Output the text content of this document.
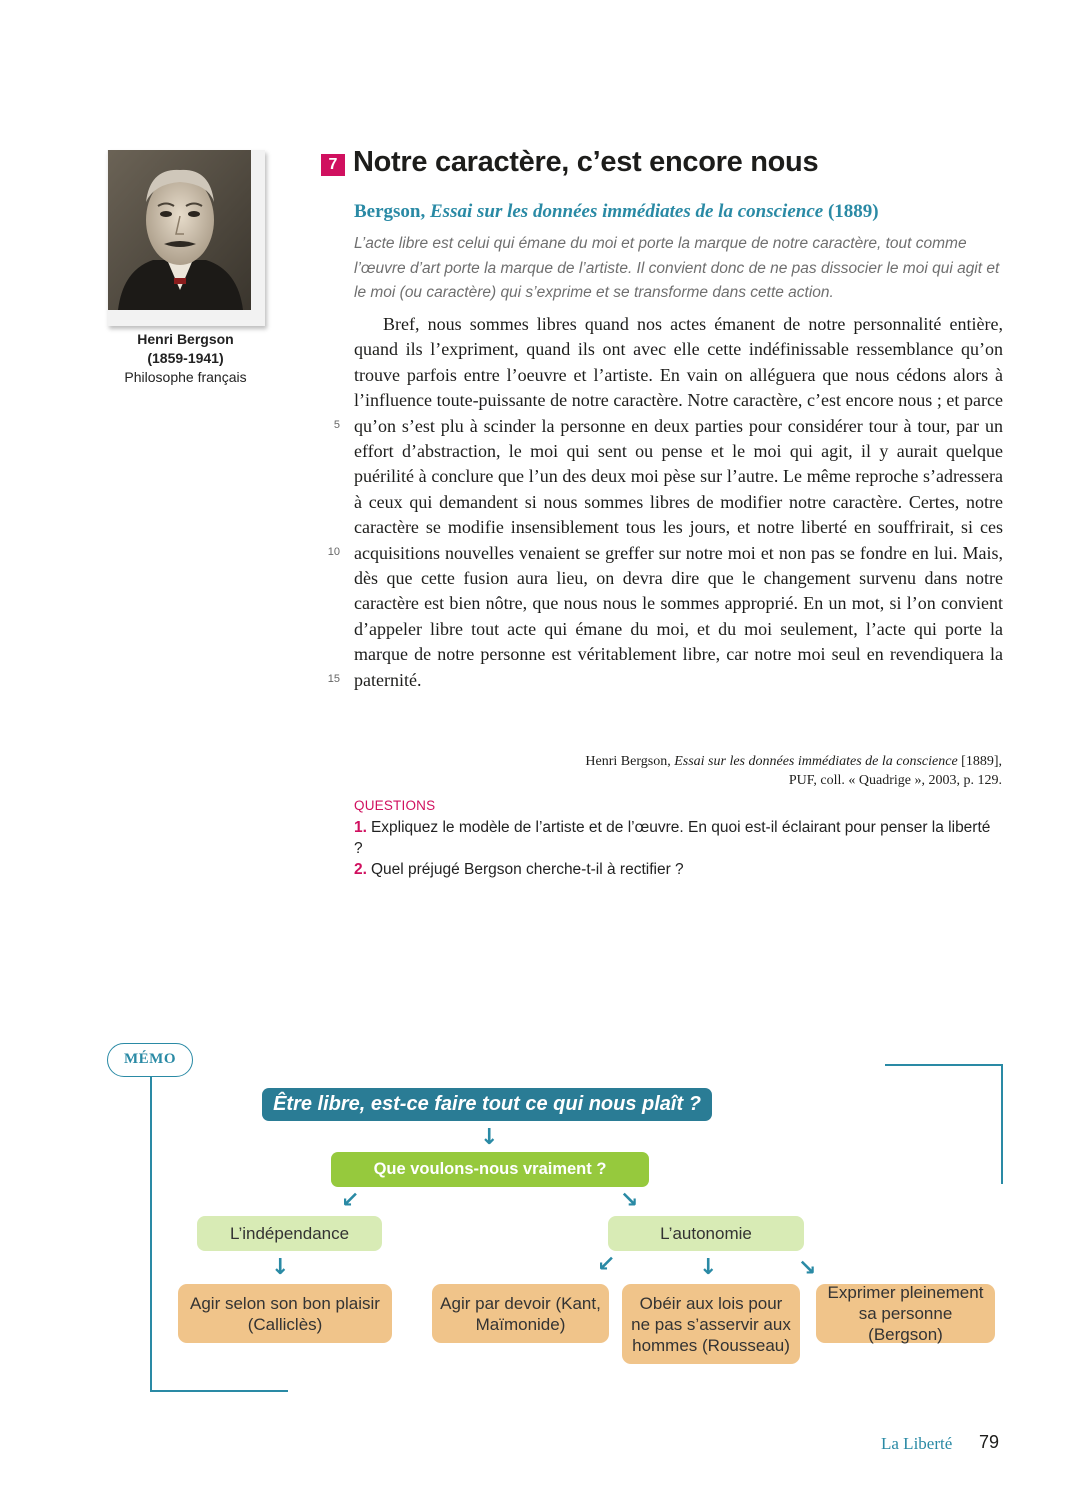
Henri Bergson
(1859-1941)
Philosophe français
7 Notre caractère, c’est encore nous
Bergson, Essai sur les données immédiates de la conscience (1889)
L’acte libre est celui qui émane du moi et porte la marque de notre caractère, tout comme l’œuvre d’art porte la marque de l’artiste. Il convient donc de ne pas dissocier le moi qui agit et le moi (ou caractère) qui s’exprime et se transforme dans cette action.
Bref, nous sommes libres quand nos actes émanent de notre personnalité entière, quand ils l’expriment, quand ils ont avec elle cette indéfinissable ressemblance qu’on trouve parfois entre l’oeuvre et l’artiste. En vain on alléguera que nous cédons alors à l’influence toute-puissante de notre caractère. Notre caractère, c’est encore nous ; et parce qu’on s’est plu à scinder la personne en deux parties pour considérer tour à tour, par un effort d’abstraction, le moi qui sent ou pense et le moi qui agit, il y aurait quelque puérilité à conclure que l’un des deux moi pèse sur l’autre. Le même reproche s’adressera à ceux qui demandent si nous sommes libres de modifier notre caractère. Certes, notre caractère se modifie insensiblement tous les jours, et notre liberté en souffrirait, si ces acquisitions nouvelles venaient se greffer sur notre moi et non pas se fondre en lui. Mais, dès que cette fusion aura lieu, on devra dire que le changement survenu dans notre caractère est bien nôtre, que nous nous le sommes approprié. En un mot, si l’on convient d’appeler libre tout acte qui émane du moi, et du moi seulement, l’acte qui porte la marque de notre personne est véritablement libre, car notre moi seul en revendiquera la paternité.
5
10
15
Henri Bergson, Essai sur les données immédiates de la conscience [1889],
PUF, coll. « Quadrige », 2003, p. 129.
QUESTIONS
1. Expliquez le modèle de l’artiste et de l’œuvre. En quoi est-il éclairant pour penser la liberté ?
2. Quel préjugé Bergson cherche-t-il à rectifier ?
MÉMO
Être libre, est-ce faire tout ce qui nous plaît ?
↓
Que voulons-nous vraiment ?
↙	↘
L’indépendance	L’autonomie
↓	↙	↓	↘
Agir selon son bon plaisir (Calliclès)
Agir par devoir (Kant, Maïmonide)
Obéir aux lois pour ne pas s’asservir aux hommes (Rousseau)
Exprimer pleinement sa personne (Bergson)
La Liberté 79
